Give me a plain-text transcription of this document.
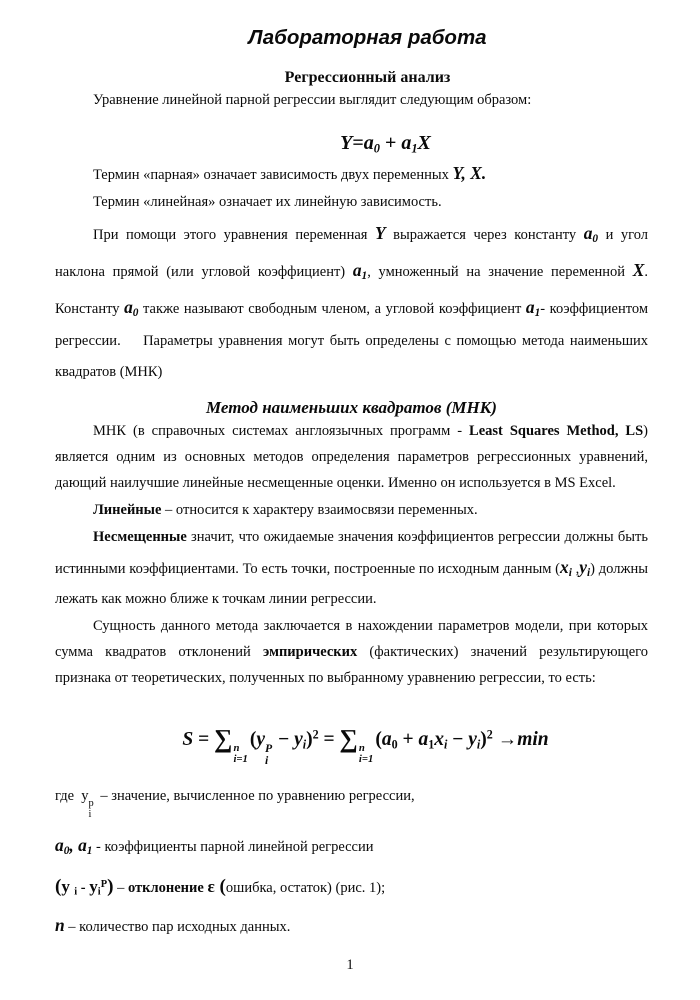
Лабораторная работа
Регрессионный анализ

Уравнение линейной парной регрессии выглядит следующим образом:

Y=a0 + a1X

Термин «парная» означает зависимость двух переменных Y, X.

Термин «линейная» означает их линейную зависимость.

При помощи этого уравнения переменная Y выражается через константу $a_0$ и угол наклона прямой (или угловой коэффициент) $a_1$, умноженный на значение переменной X. Константу $a_0$ также называют свободным членом, а угловой коэффициент $a_1-$ коэффициентом регрессии.    Параметры уравнения могут быть определены с помощью метода наименьших квадратов (МНК)

Метод наименьших квадратов (МНК)

МНК (в справочных системах англоязычных программ - Least Squares Method, LS) является одним из основных методов определения параметров регрессионных уравнений, дающий наилучшие линейные несмещенные оценки. Именно он используется в MS Excel.

Линейные – относится к характеру взаимосвязи переменных.

Несмещенные значит, что ожидаемые значения коэффициентов регрессии должны быть истинными коэффициентами. То есть точки, построенные по исходным данным ($x_i$ $,y_i$) должны лежать как можно ближе к точкам линии регрессии.

Сущность данного метода заключается в нахождении параметров модели, при которых сумма квадратов отклонений эмпирических (фактических) значений результирующего признака от теоретических, полученных по выбранному уравнению регрессии, то есть:

S = ∑ n
i=1
(y P
i
− yi)$^2$ = ∑ n
i=1
(a0 + a1xi − yi)$^2$ →min

где  y p
i
– значение, вычисленное по уравнению регрессии,

$a_0$, $a_1$ - коэффициенты парной линейной регрессии

(y i - $yi^P$) – отклонение ε (ошибка, остаток) (рис. 1);

n – количество пар исходных данных.

1
